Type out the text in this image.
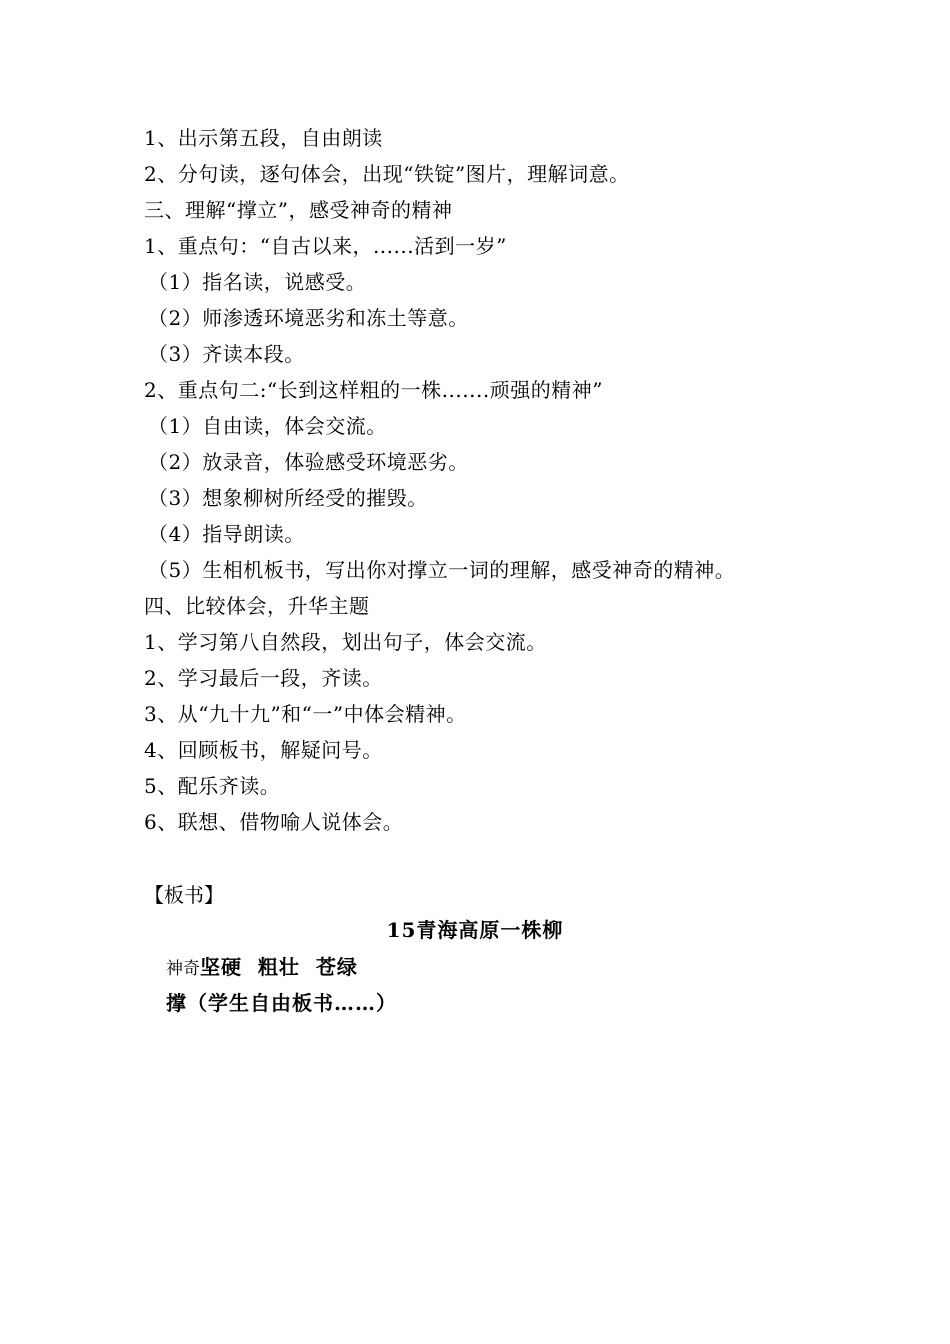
1、出示第五段，自由朗读
2、分句读，逐句体会，出现“铁锭”图片，理解词意。
三、理解“撑立”，感受神奇的精神
1、重点句：“自古以来，......活到一岁”
（1）指名读，说感受。
（2）师渗透环境恶劣和冻土等意。
（3）齐读本段。
2、重点句二:“长到这样粗的一株.......顽强的精神”
（1）自由读，体会交流。
（2）放录音，体验感受环境恶劣。
（3）想象柳树所经受的摧毁。
（4）指导朗读。
（5）生相机板书，写出你对撑立一词的理解，感受神奇的精神。
四、比较体会，升华主题
1、学习第八自然段，划出句子，体会交流。
2、学习最后一段，齐读。
3、从“九十九”和“一”中体会精神。
4、回顾板书，解疑问号。
5、配乐齐读。
6、联想、借物喻人说体会。
【板书】
15青海高原一株柳
神奇坚硬  粗壮  苍绿
撑（学生自由板书……）
